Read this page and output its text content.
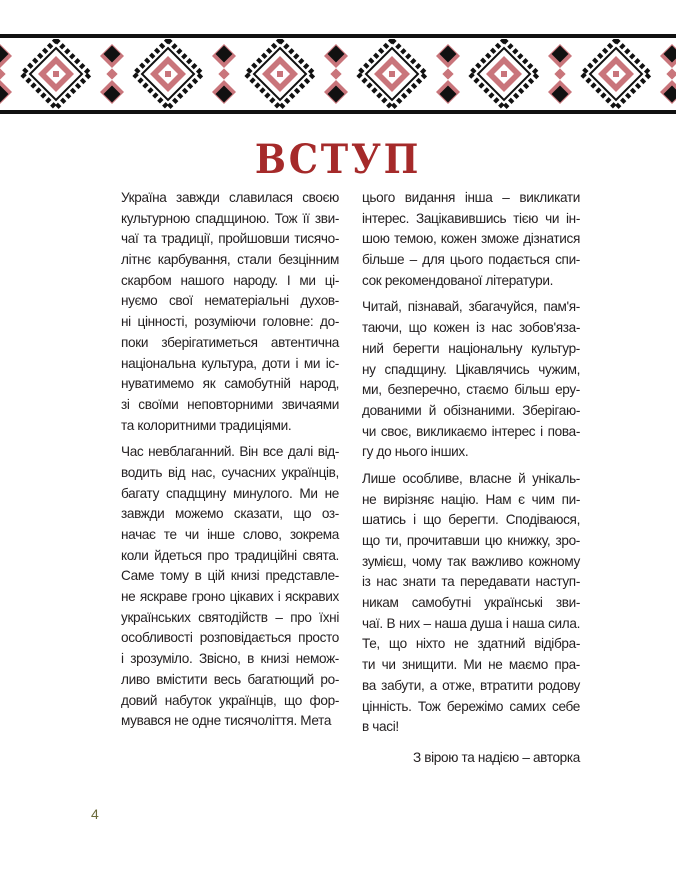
ВСТУП
Україна завжди славилася своєю
культурною спадщиною. Тож її зви-
чаї та традиції, пройшовши тисячо-
літнє карбування, стали безцінним
скарбом нашого народу. І ми ці-
нуємо свої нематеріальні духов-
ні цінності, розуміючи головне: до-
поки зберігатиметься автентична
національна культура, доти і ми іс-
нуватимемо як самобутній народ,
зі своїми неповторними звичаями
та колоритними традиціями.
Час невблаганний. Він все далі від-
водить від нас, сучасних українців,
багату спадщину минулого. Ми не
завжди можемо сказати, що оз-
начає те чи інше слово, зокрема
коли йдеться про традиційні свята.
Саме тому в цій книзі представле-
не яскраве гроно цікавих і яскравих
українських святодійств – про їхні
особливості розповідається просто
і зрозуміло. Звісно, в книзі немож-
ливо вмістити весь багатющий ро-
довий набуток українців, що фор-
мувався не одне тисячоліття. Мета
цього видання інша – викликати
інтерес. Зацікавившись тією чи ін-
шою темою, кожен зможе дізнатися
більше – для цього подається спи-
сок рекомендованої літератури.
Читай, пізнавай, збагачуйся, пам'я-
таючи, що кожен із нас зобов'яза-
ний берегти національну культур-
ну спадщину. Цікавлячись чужим,
ми, безперечно, стаємо більш еру-
дованими й обізнаними. Зберігаю-
чи своє, викликаємо інтерес і пова-
гу до нього інших.
Лише особливе, власне й унікаль-
не вирізняє націю. Нам є чим пи-
шатись і що берегти. Сподіваюся,
що ти, прочитавши цю книжку, зро-
зумієш, чому так важливо кожному
із нас знати та передавати наступ-
никам самобутні українські зви-
чаї. В них – наша душа і наша сила.
Те, що ніхто не здатний відібра-
ти чи знищити. Ми не маємо пра-
ва забути, а отже, втратити родову
цінність. Тож бережімо самих себе
в часі!
З вірою та надією – авторка
4
